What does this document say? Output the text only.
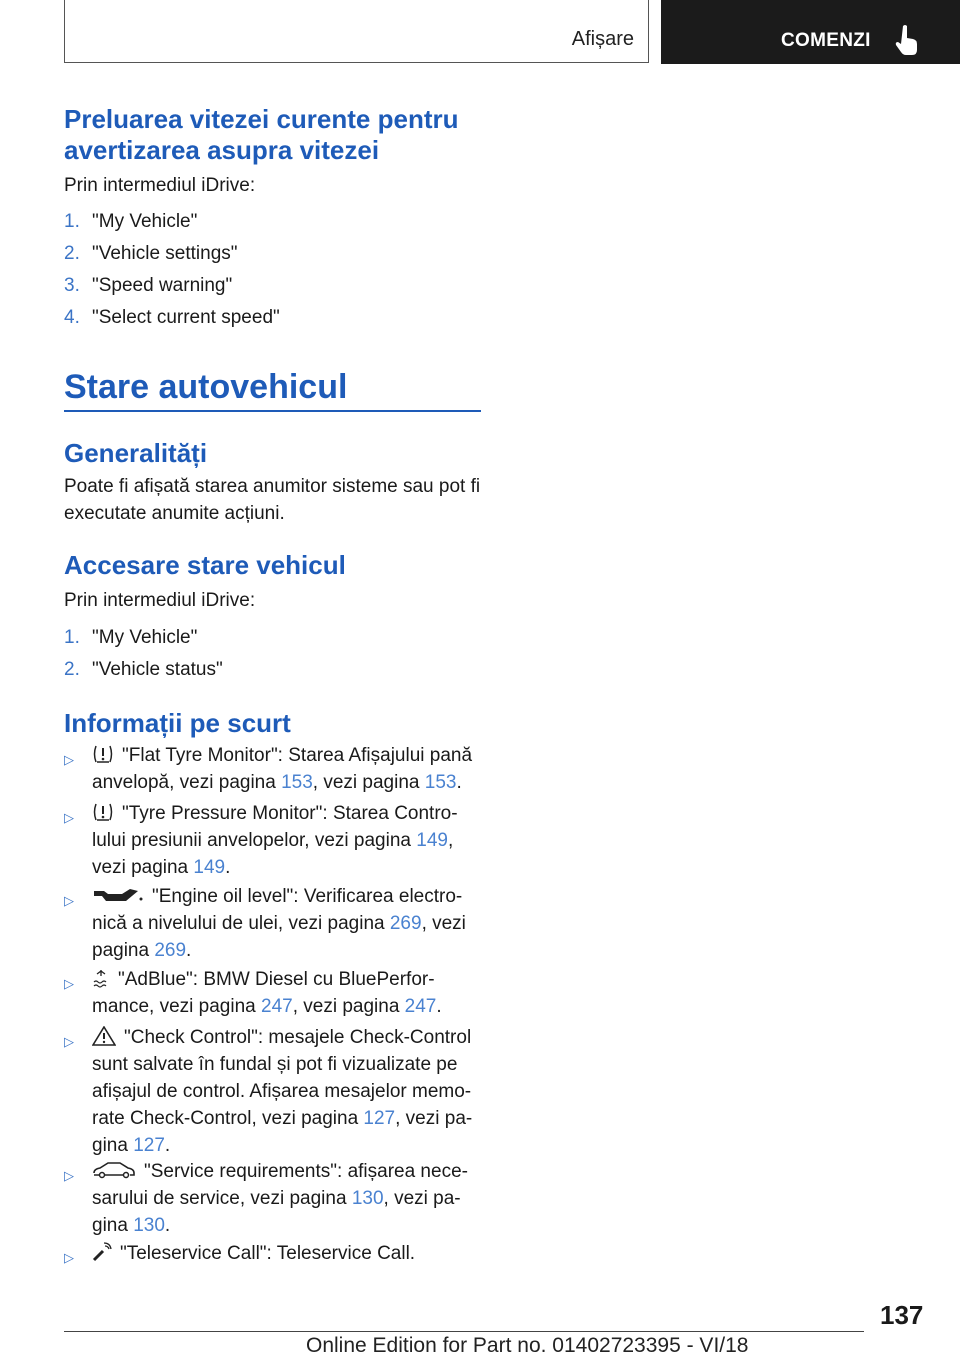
Afișare	COMENZI
Preluarea vitezei curente pentru
avertizarea asupra vitezei
Prin intermediul iDrive:
1. "My Vehicle"
2. "Vehicle settings"
3. "Speed warning"
4. "Select current speed"
Stare autovehicul
Generalități
Poate fi afișată starea anumitor sisteme sau pot fi
executate anumite acțiuni.
Accesare stare vehicul
Prin intermediul iDrive:
1. "My Vehicle"
2. "Vehicle status"
Informații pe scurt
▷	"Flat Tyre Monitor": Starea Afișajului pană
anvelopă, vezi pagina 153, vezi pagina 153.
▷	"Tyre Pressure Monitor": Starea Contro-
lului presiunii anvelopelor, vezi pagina 149,
vezi pagina 149.
▷	"Engine oil level": Verificarea electro-
nică a nivelului de ulei, vezi pagina 269, vezi
pagina 269.
▷	"AdBlue": BMW Diesel cu BluePerfor-
mance, vezi pagina 247, vezi pagina 247.
▷	"Check Control": mesajele Check-Control
sunt salvate în fundal și pot fi vizualizate pe
afișajul de control. Afișarea mesajelor memo-
rate Check-Control, vezi pagina 127, vezi pa-
gina 127.
▷	"Service requirements": afișarea nece-
sarului de service, vezi pagina 130, vezi pa-
gina 130.
▷	"Teleservice Call": Teleservice Call.
137
Online Edition for Part no. 01402723395 - VI/18
